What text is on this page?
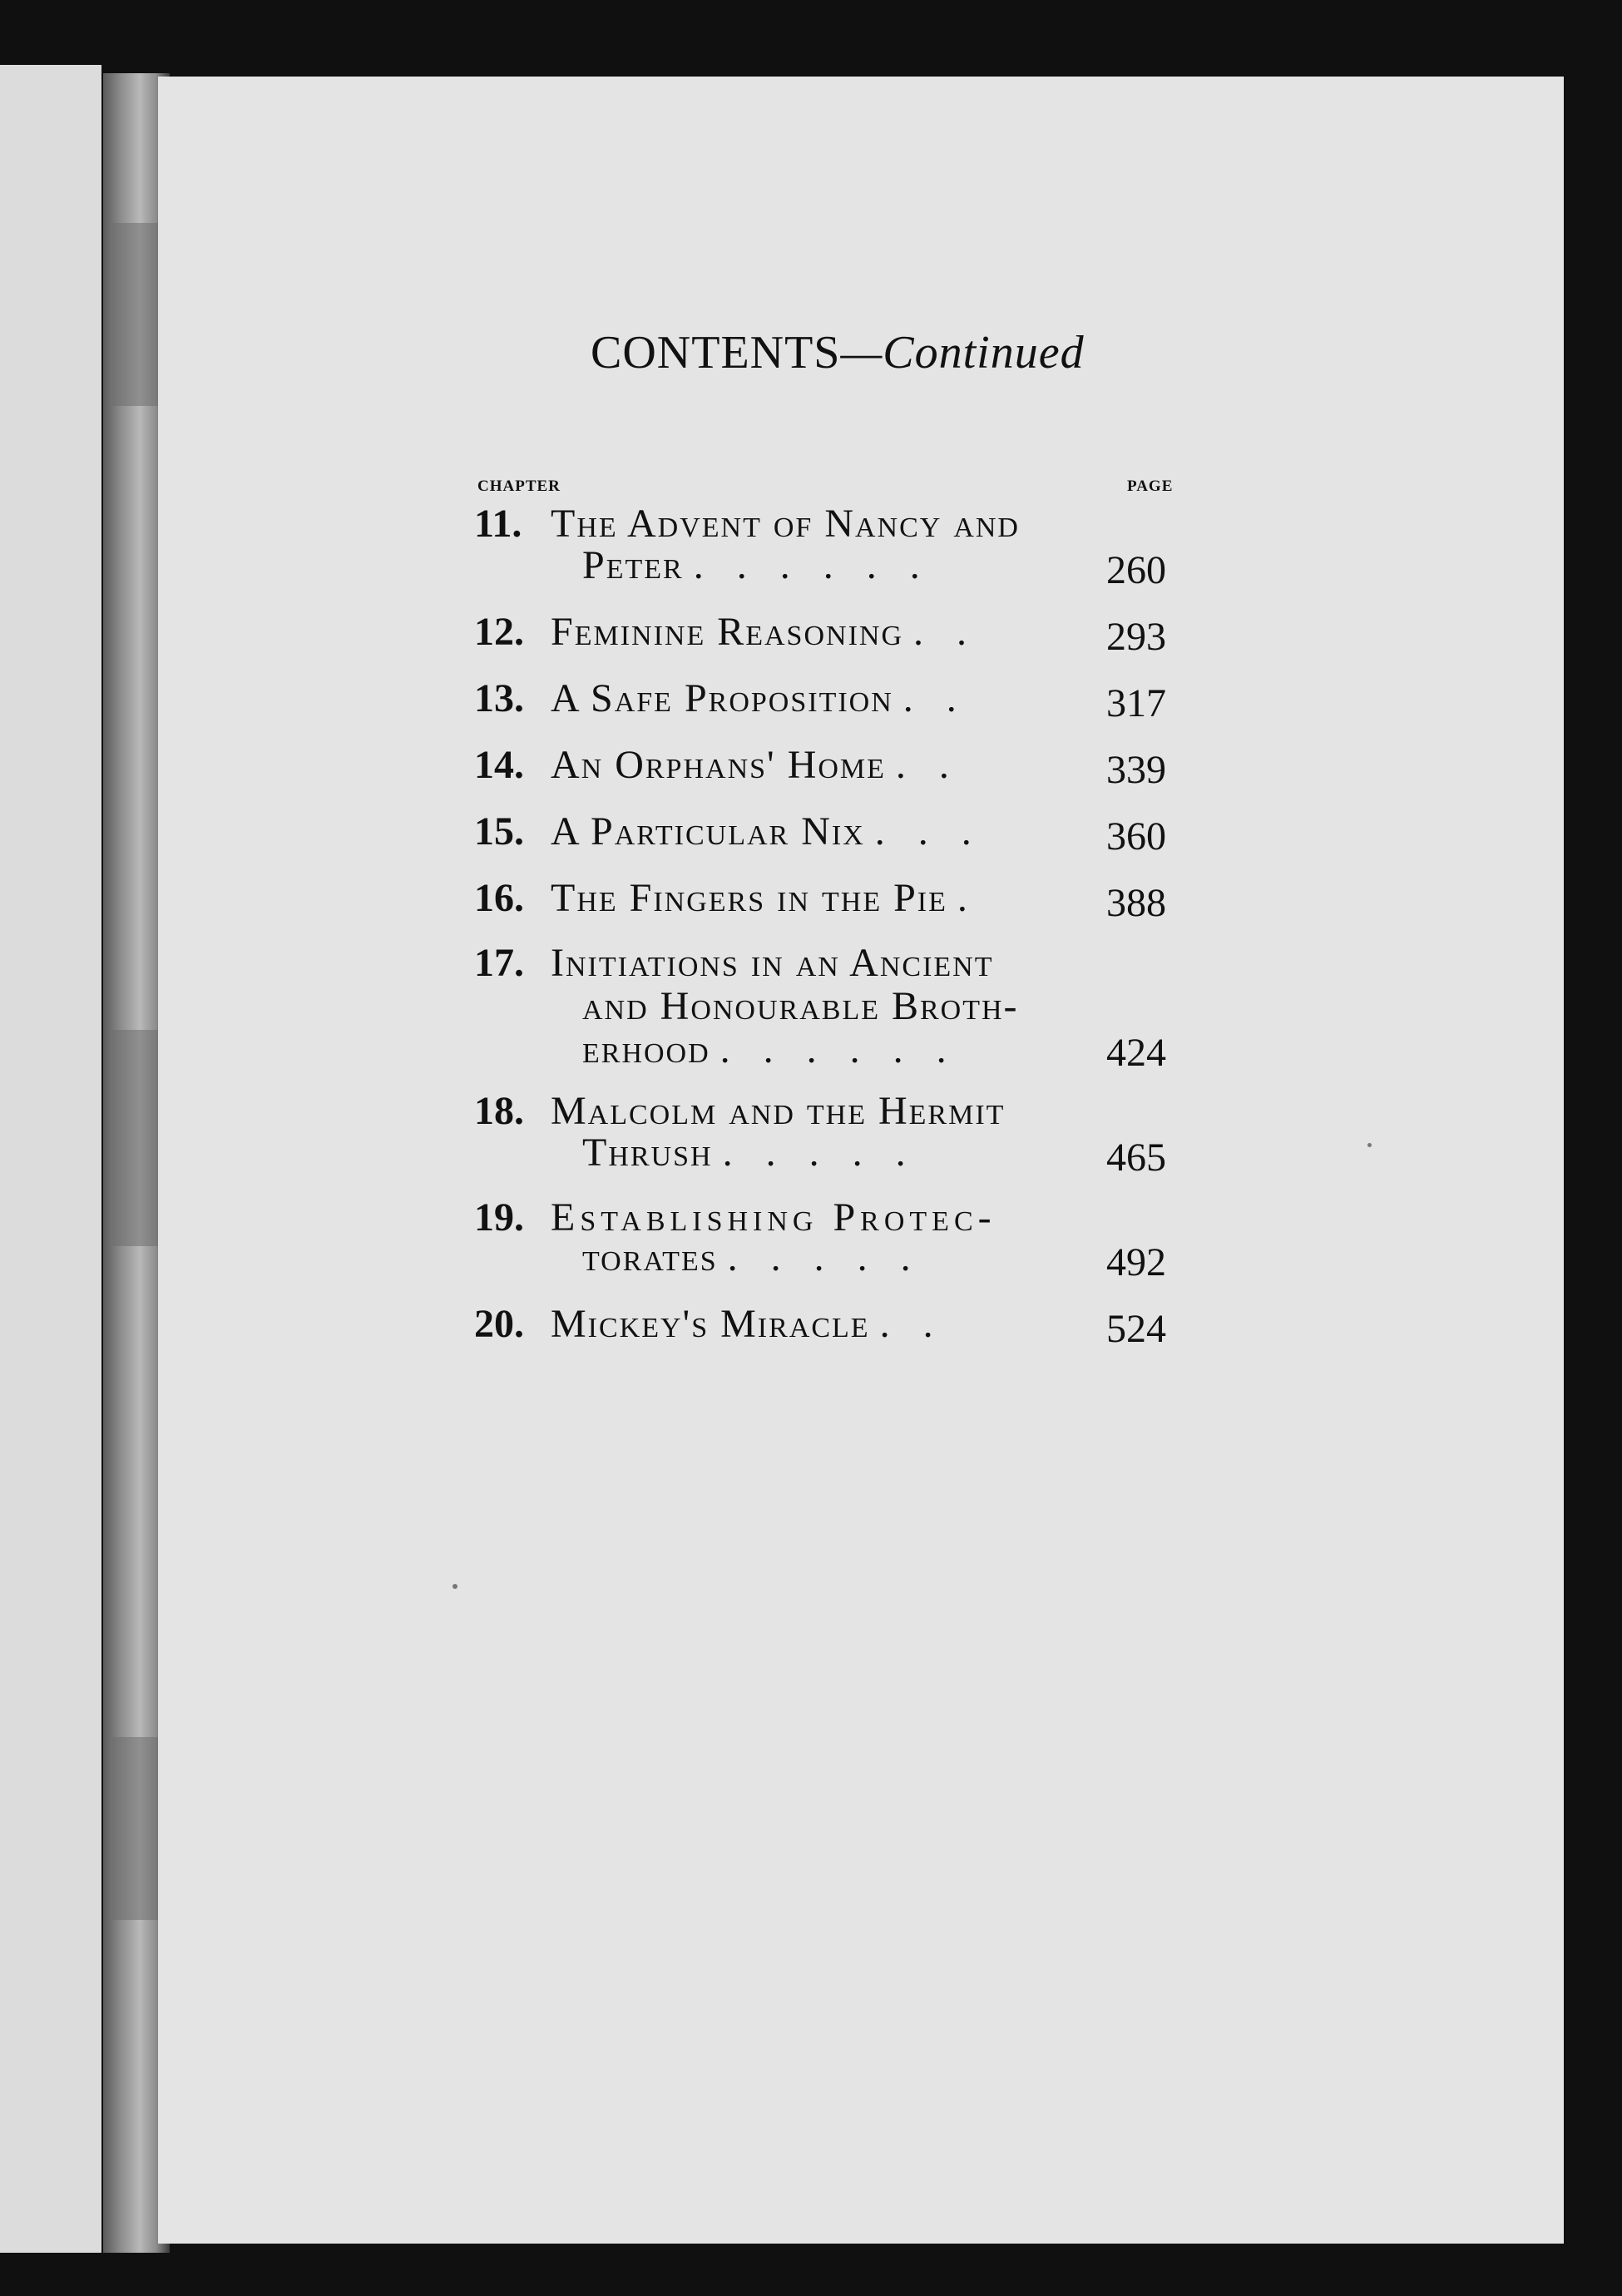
CONTENTS—Continued
CHAPTER	PAGE
11. The Advent of Nancy and
Peter . . . . . .	260
12. Feminine Reasoning . .	293
13. A Safe Proposition . .	317
14. An Orphans' Home . .	339
15. A Particular Nix . . .	360
16. The Fingers in the Pie .	388
17. Initiations in an Ancient
and Honourable Broth-
erhood . . . . . .	424
18. Malcolm and the Hermit
Thrush . . . . .	465
19. Establishing Protec-
torates . . . . .	492
20. Mickey's Miracle . .	524
